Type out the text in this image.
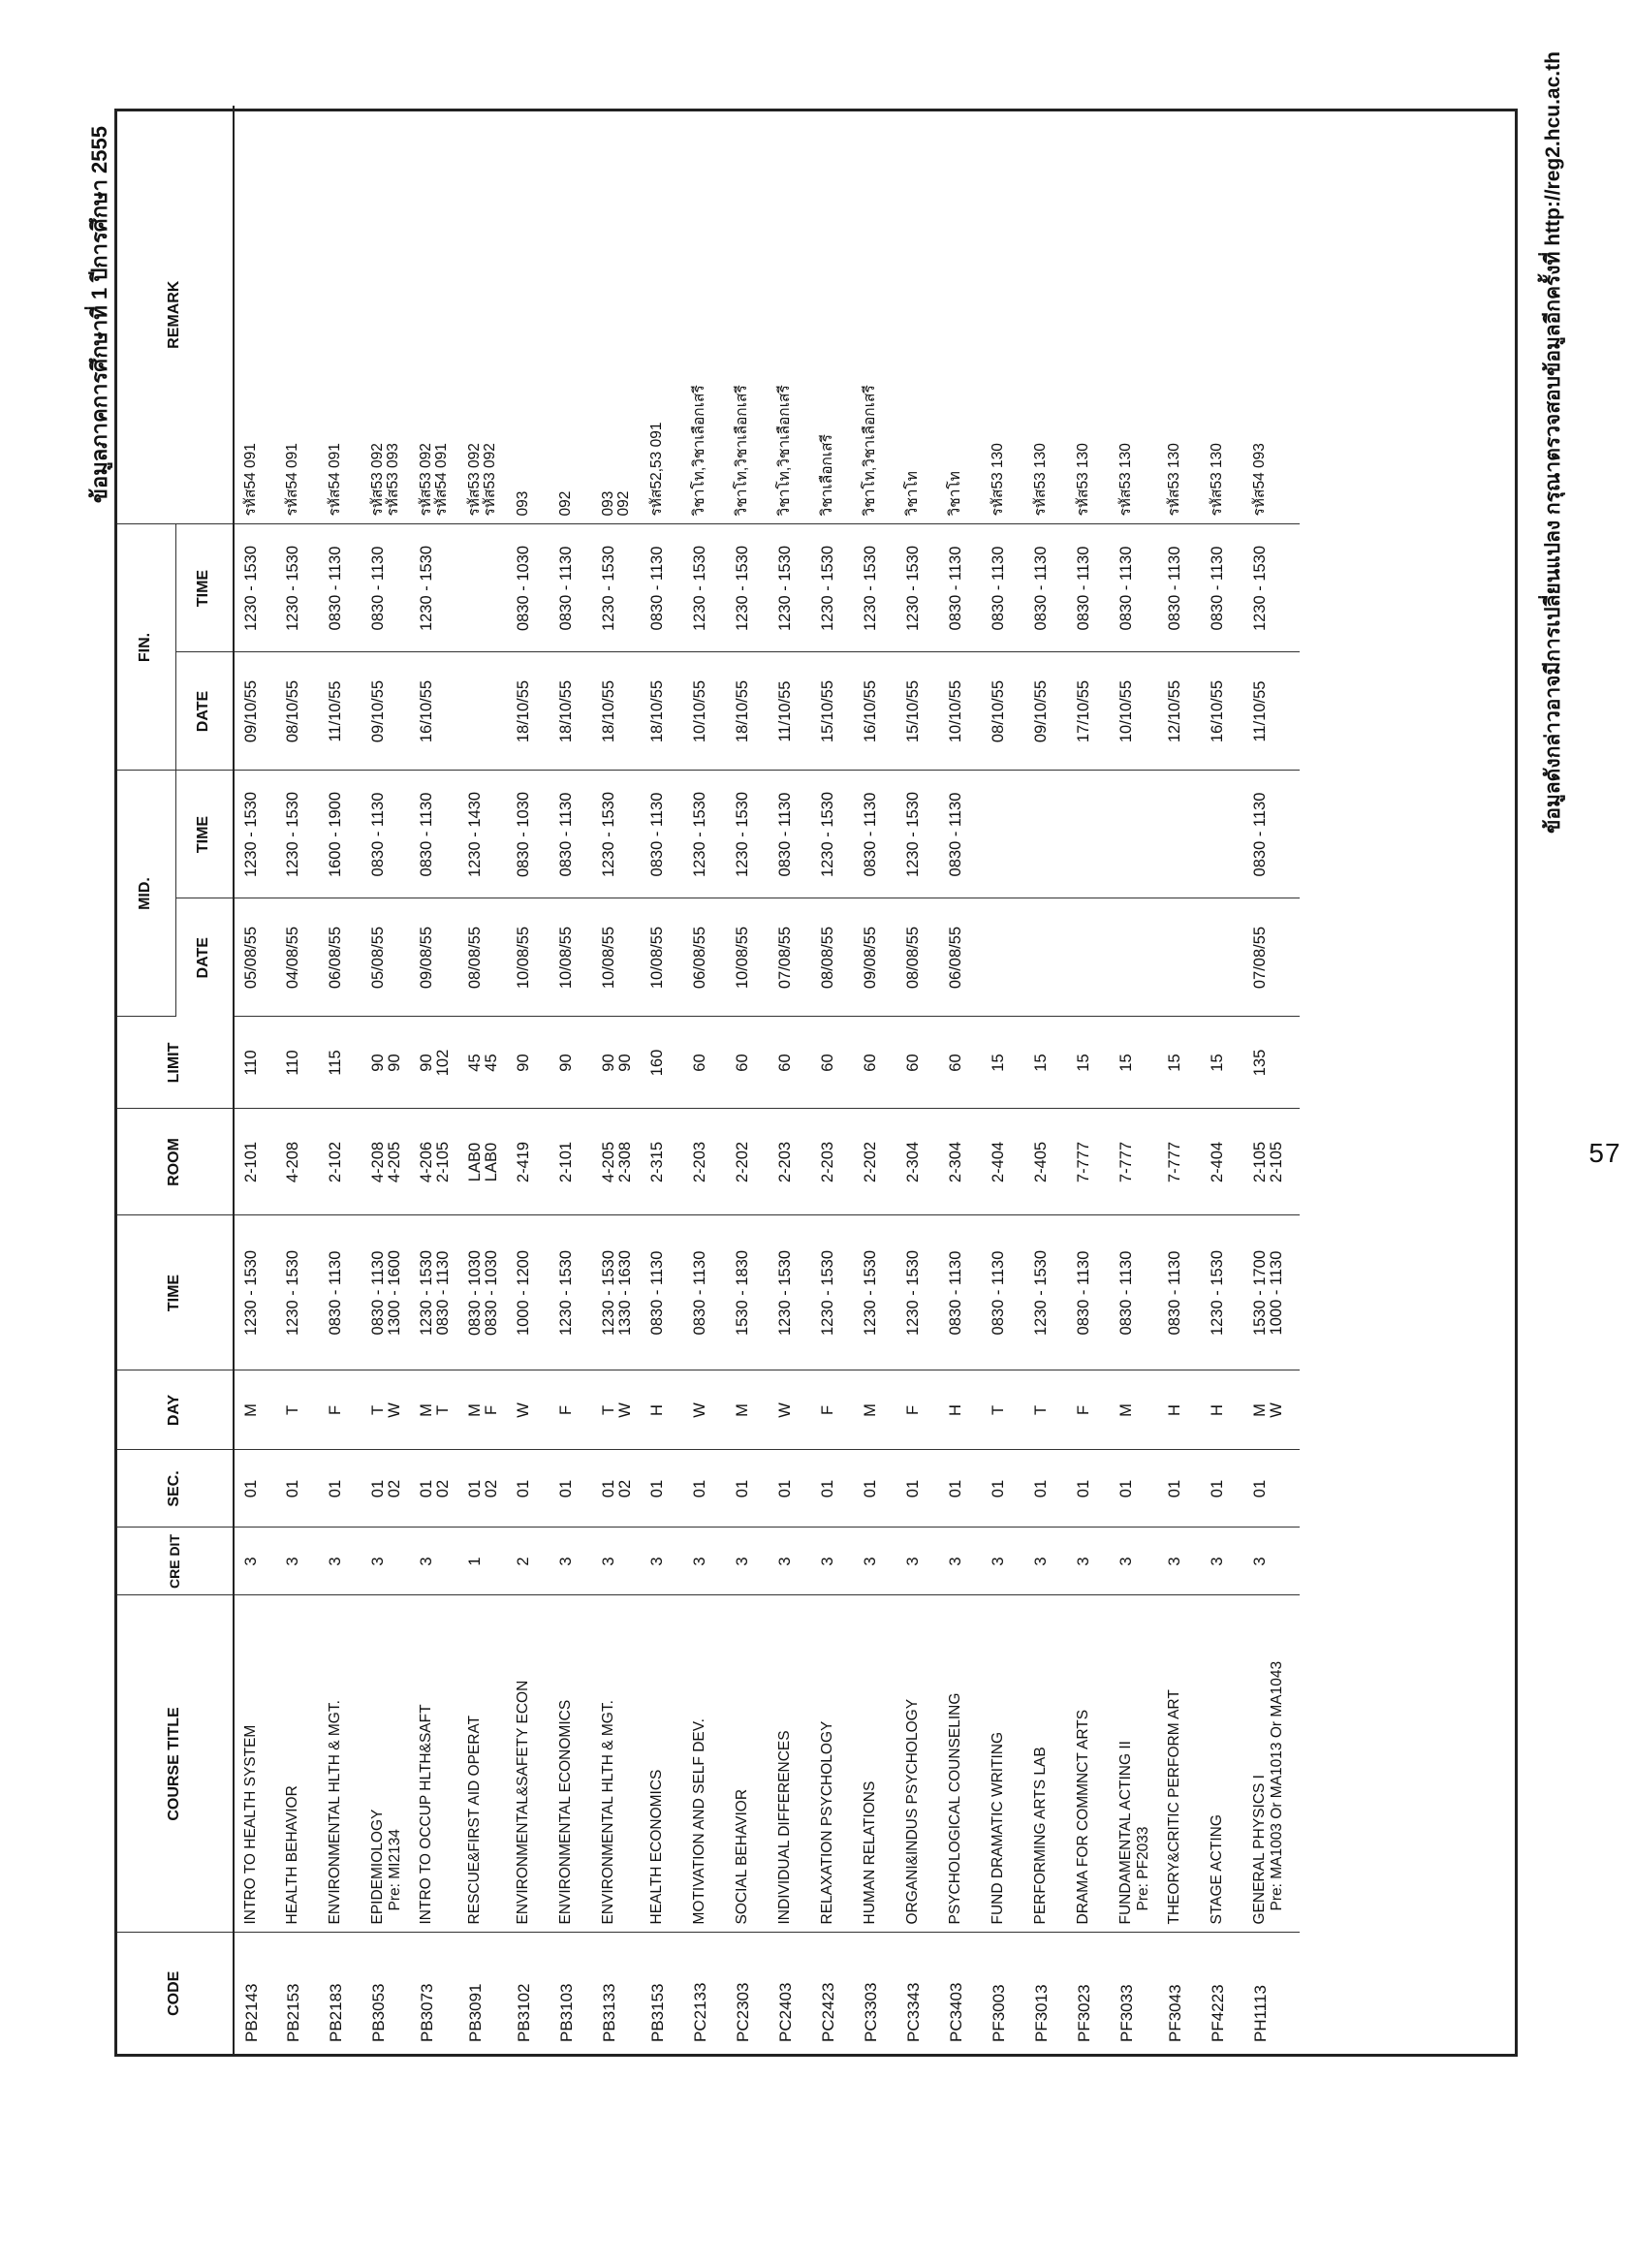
57
ข้อมูลภาคการศึกษาที่ 1 ปีการศึกษา 2555
CODE	COURSE TITLE	CRE DIT	SEC.	DAY	TIME	ROOM	LIMIT	MID.		FIN.		REMARK
								DATE	TIME	DATE	TIME	

PB2143	INTRO TO HEALTH SYSTEM	3	01	M	1230 - 1530	2-101	110	05/08/55	1230 - 1530	09/10/55	1230 - 1530	รหัส54 091

PB2153	HEALTH BEHAVIOR	3	01	T	1230 - 1530	4-208	110	04/08/55	1230 - 1530	08/10/55	1230 - 1530	รหัส54 091

PB2183	ENVIRONMENTAL HLTH & MGT.	3	01	F	0830 - 1130	2-102	115	06/08/55	1600 - 1900	11/10/55	0830 - 1130	รหัส54 091

PB3053	EPIDEMIOLOGY Pre: MI2134	3	01 02	T W	0830 - 1130 1300 - 1600	4-208 4-205	90 90	05/08/55	0830 - 1130	09/10/55	0830 - 1130	รหัส53 092 รหัส53 093

PB3073	INTRO TO OCCUP HLTH&SAFT	3	01 02	M T	1230 - 1530 0830 - 1130	4-206 2-105	90 102	09/08/55	0830 - 1130	16/10/55	1230 - 1530	รหัส53 092 รหัส54 091

PB3091	RESCUE&FIRST AID OPERAT	1	01 02	M F	0830 - 1030 0830 - 1030	LAB0 LAB0	45 45	08/08/55	1230 - 1430			รหัส53 092 รหัส53 092

PB3102	ENVIRONMENTAL&SAFETY ECON	2	01	W	1000 - 1200	2-419	90	10/08/55	0830 - 1030	18/10/55	0830 - 1030	093

PB3103	ENVIRONMENTAL ECONOMICS	3	01	F	1230 - 1530	2-101	90	10/08/55	0830 - 1130	18/10/55	0830 - 1130	092

PB3133	ENVIRONMENTAL HLTH & MGT.	3	01 02	T W	1230 - 1530 1330 - 1630	4-205 2-308	90 90	10/08/55	1230 - 1530	18/10/55	1230 - 1530	093 092

PB3153	HEALTH ECONOMICS	3	01	H	0830 - 1130	2-315	160	10/08/55	0830 - 1130	18/10/55	0830 - 1130	รหัส52,53 091

PC2133	MOTIVATION AND SELF DEV.	3	01	W	0830 - 1130	2-203	60	06/08/55	1230 - 1530	10/10/55	1230 - 1530	วิชาโท,วิชาเลือกเสรี

PC2303	SOCIAL BEHAVIOR	3	01	M	1530 - 1830	2-202	60	10/08/55	1230 - 1530	18/10/55	1230 - 1530	วิชาโท,วิชาเลือกเสรี

PC2403	INDIVIDUAL DIFFERENCES	3	01	W	1230 - 1530	2-203	60	07/08/55	0830 - 1130	11/10/55	1230 - 1530	วิชาโท,วิชาเลือกเสรี

PC2423	RELAXATION PSYCHOLOGY	3	01	F	1230 - 1530	2-203	60	08/08/55	1230 - 1530	15/10/55	1230 - 1530	วิชาเลือกเสรี

PC3303	HUMAN RELATIONS	3	01	M	1230 - 1530	2-202	60	09/08/55	0830 - 1130	16/10/55	1230 - 1530	วิชาโท,วิชาเลือกเสรี

PC3343	ORGANI&INDUS PSYCHOLOGY	3	01	F	1230 - 1530	2-304	60	08/08/55	1230 - 1530	15/10/55	1230 - 1530	วิชาโท

PC3403	PSYCHOLOGICAL COUNSELING	3	01	H	0830 - 1130	2-304	60	06/08/55	0830 - 1130	10/10/55	0830 - 1130	วิชาโท

PF3003	FUND DRAMATIC WRITING	3	01	T	0830 - 1130	2-404	15			08/10/55	0830 - 1130	รหัส53 130

PF3013	PERFORMING ARTS LAB	3	01	T	1230 - 1530	2-405	15			09/10/55	0830 - 1130	รหัส53 130

PF3023	DRAMA FOR COMMNCT ARTS	3	01	F	0830 - 1130	7-777	15			17/10/55	0830 - 1130	รหัส53 130

PF3033	FUNDAMENTAL ACTING II Pre: PF2033	3	01	M	0830 - 1130	7-777	15			10/10/55	0830 - 1130	รหัส53 130

PF3043	THEORY&CRITIC PERFORM ART	3	01	H	0830 - 1130	7-777	15			12/10/55	0830 - 1130	รหัส53 130

PF4223	STAGE ACTING	3	01	H	1230 - 1530	2-404	15			16/10/55	0830 - 1130	รหัส53 130

PH1113	GENERAL PHYSICS I Pre: MA1003 Or MA1013 Or MA1043	3	01	M W	1530 - 1700 1000 - 1130	2-105 2-105	135	07/08/55	0830 - 1130	11/10/55	1230 - 1530	รหัส54 093	ข้อมูลดังกล่าวอาจมีการเปลี่ยนแปลง กรุณาตรวจสอบข้อมูลอีกครั้งที่ http://reg2.hcu.ac.th
